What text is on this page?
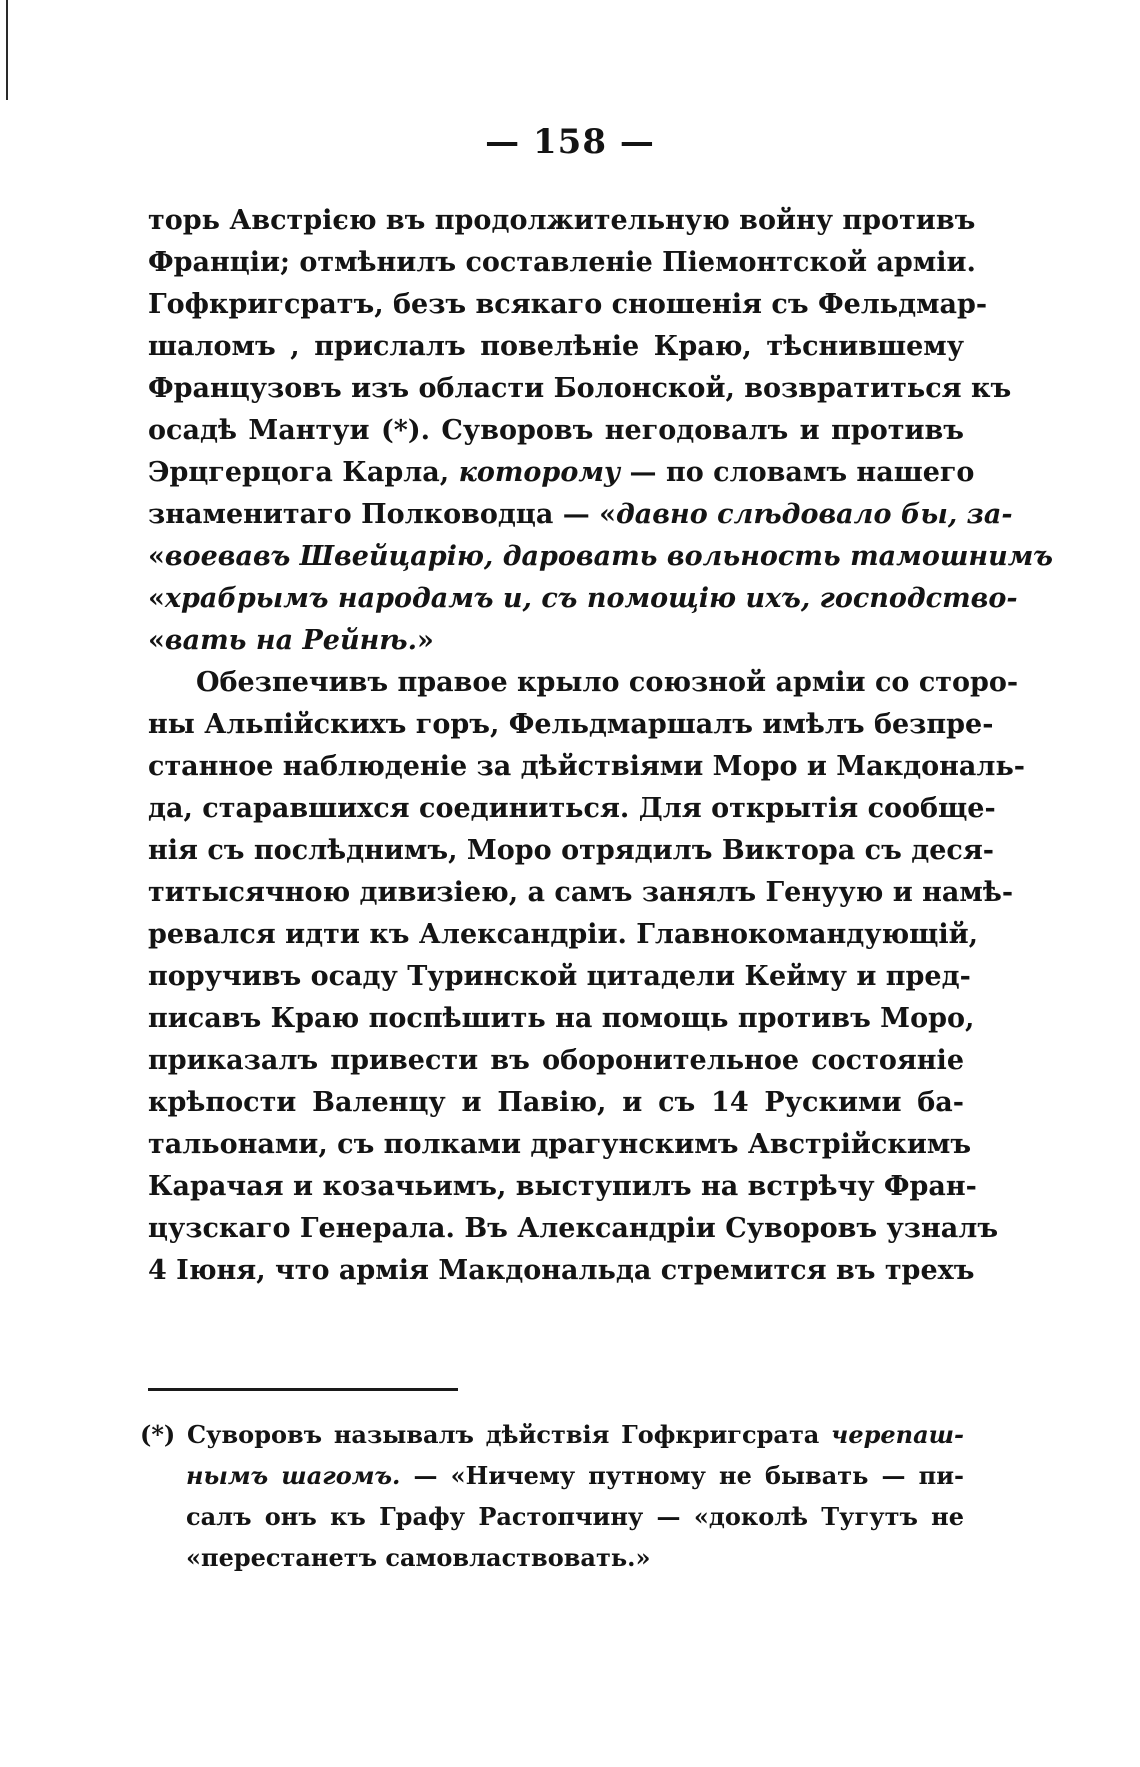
— 158 —
торь Австрією въ продолжительную войну противъ
Франціи; отмѣнилъ составленіе Піемонтской арміи.
Гофкригсратъ, безъ всякаго сношенія съ Фельдмар-
шаломъ , прислалъ повелѣніе Краю, тѣснившему
Французовъ изъ области Болонской, возвратиться къ
осадѣ Мантуи (*). Суворовъ негодовалъ и противъ
Эрцгерцога Карла, которому — по словамъ нашего
знаменитаго Полководца — «давно слѣдовало бы, за-
«воевавъ Швейцарію, даровать вольность тамошнимъ
«храбрымъ народамъ и, съ помощію ихъ, господство-
«вать на Рейнѣ.»
Обезпечивъ правое крыло союзной арміи со сторо-
ны Альпійскихъ горъ, Фельдмаршалъ имѣлъ безпре-
станное наблюденіе за дѣйствіями Моро и Макдональ-
да, старавшихся соединиться. Для открытія сообще-
нія съ послѣднимъ, Моро отрядилъ Виктора съ деся-
титысячною дивизіею, а самъ занялъ Генуую и намѣ-
ревался идти къ Александріи. Главнокомандующій,
поручивъ осаду Туринской цитадели Кейму и пред-
писавъ Краю поспѣшить на помощь противъ Моро,
приказалъ привести въ оборонительное состояніе
крѣпости Валенцу и Павію, и съ 14 Рускими ба-
тальонами, съ полками драгунскимъ Австрійскимъ
Карачая и козачьимъ, выступилъ на встрѣчу Фран-
цузскаго Генерала. Въ Александріи Суворовъ узналъ
4 Іюня, что армія Макдональда стремится въ трехъ
(*) Суворовъ называлъ дѣйствія Гофкригсрата черепаш-
нымъ шагомъ. — «Ничему путному не бывать — пи-
салъ онъ къ Графу Растопчину — «доколѣ Тугутъ не
«перестанетъ самовластвовать.»
